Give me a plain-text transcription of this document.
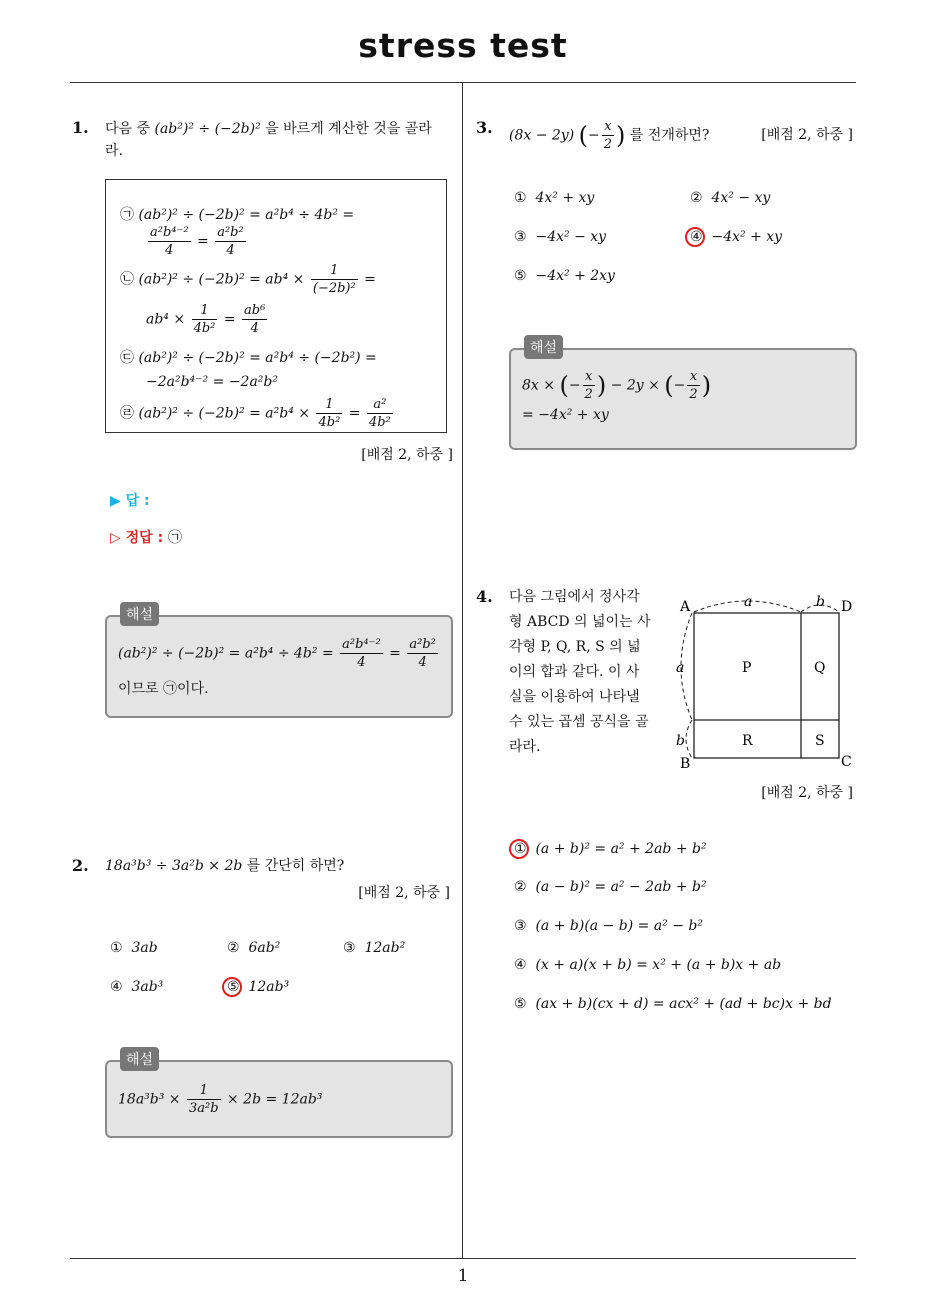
stress test
1
1. 다음 중 (ab²)² ÷ (−2b)² 을 바르게 계산한 것을 골라
라.
㉠ (ab²)² ÷ (−2b)² = a²b⁴ ÷ 4b² =
$\frac{\text{a²b⁴⁻²}}{4} = \frac{\text{a²b²}}{4}$
㉡ $(ab^2)^2 \div (-2b)^2 = ab^4 \times \frac{1}{\text{(−2b)²}}$ =
$ab^4 \times \frac{1}{\text{4b²}} = \frac{\text{ab⁶}}{4}$
㉢ (ab²)² ÷ (−2b)² = a²b⁴ ÷ (−2b²) =
−2a²b⁴⁻² = −2a²b²
㉣ $(ab^2)^2 \div (-2b)^2 = a^2b^4 \times \frac{1}{\text{4b²}} = \frac{\text{a²}}{\text{4b²}}$
[배점 2, 하중 ]
▶ 답 :
▷ 정답 : ㉠
해설
$(ab^2)^2 \div (-2b)^2 = a^2b^4 \div 4b^2 = \frac{\text{a²b⁴⁻²}}{4} = \frac{\text{a²b²}}{4}$
이므로 ㉠이다.
2. 18a³b³ ÷ 3a²b × 2b 를 간단히 하면?
[배점 2, 하중 ]
① 3ab	② 6ab²	③ 12ab²
④ 3ab³	⑤ 12ab³
해설
$18a^3b^3 \times \frac{1}{\text{3a²b}} \times 2b = 12ab^3$
3. (8x − 2y) (− $\frac{x}{2}$ ) 를 전개하면?	[배점 2, 하중 ]
① 4x² + xy	② 4x² − xy
③ −4x² − xy	④ −4x² + xy
⑤ −4x² + 2xy
해설
8x × (− $\frac{x}{2}$ ) − 2y × (− $\frac{x}{2}$ )
= −4x² + xy
4. 다음 그림에서 정사각
형 ABCD 의 넓이는 사
각형 P, Q, R, S 의 넓
이의 합과 같다. 이 사
실을 이용하여 나타낼
수 있는 곱셈 공식을 골
라라.
A	D
B	C
a	b
a
b
P	Q
R	S
[배점 2, 하중 ]
① (a + b)² = a² + 2ab + b²
② (a − b)² = a² − 2ab + b²
③ (a + b)(a − b) = a² − b²
④ (x + a)(x + b) = x² + (a + b)x + ab
⑤ (ax + b)(cx + d) = acx² + (ad + bc)x + bd
